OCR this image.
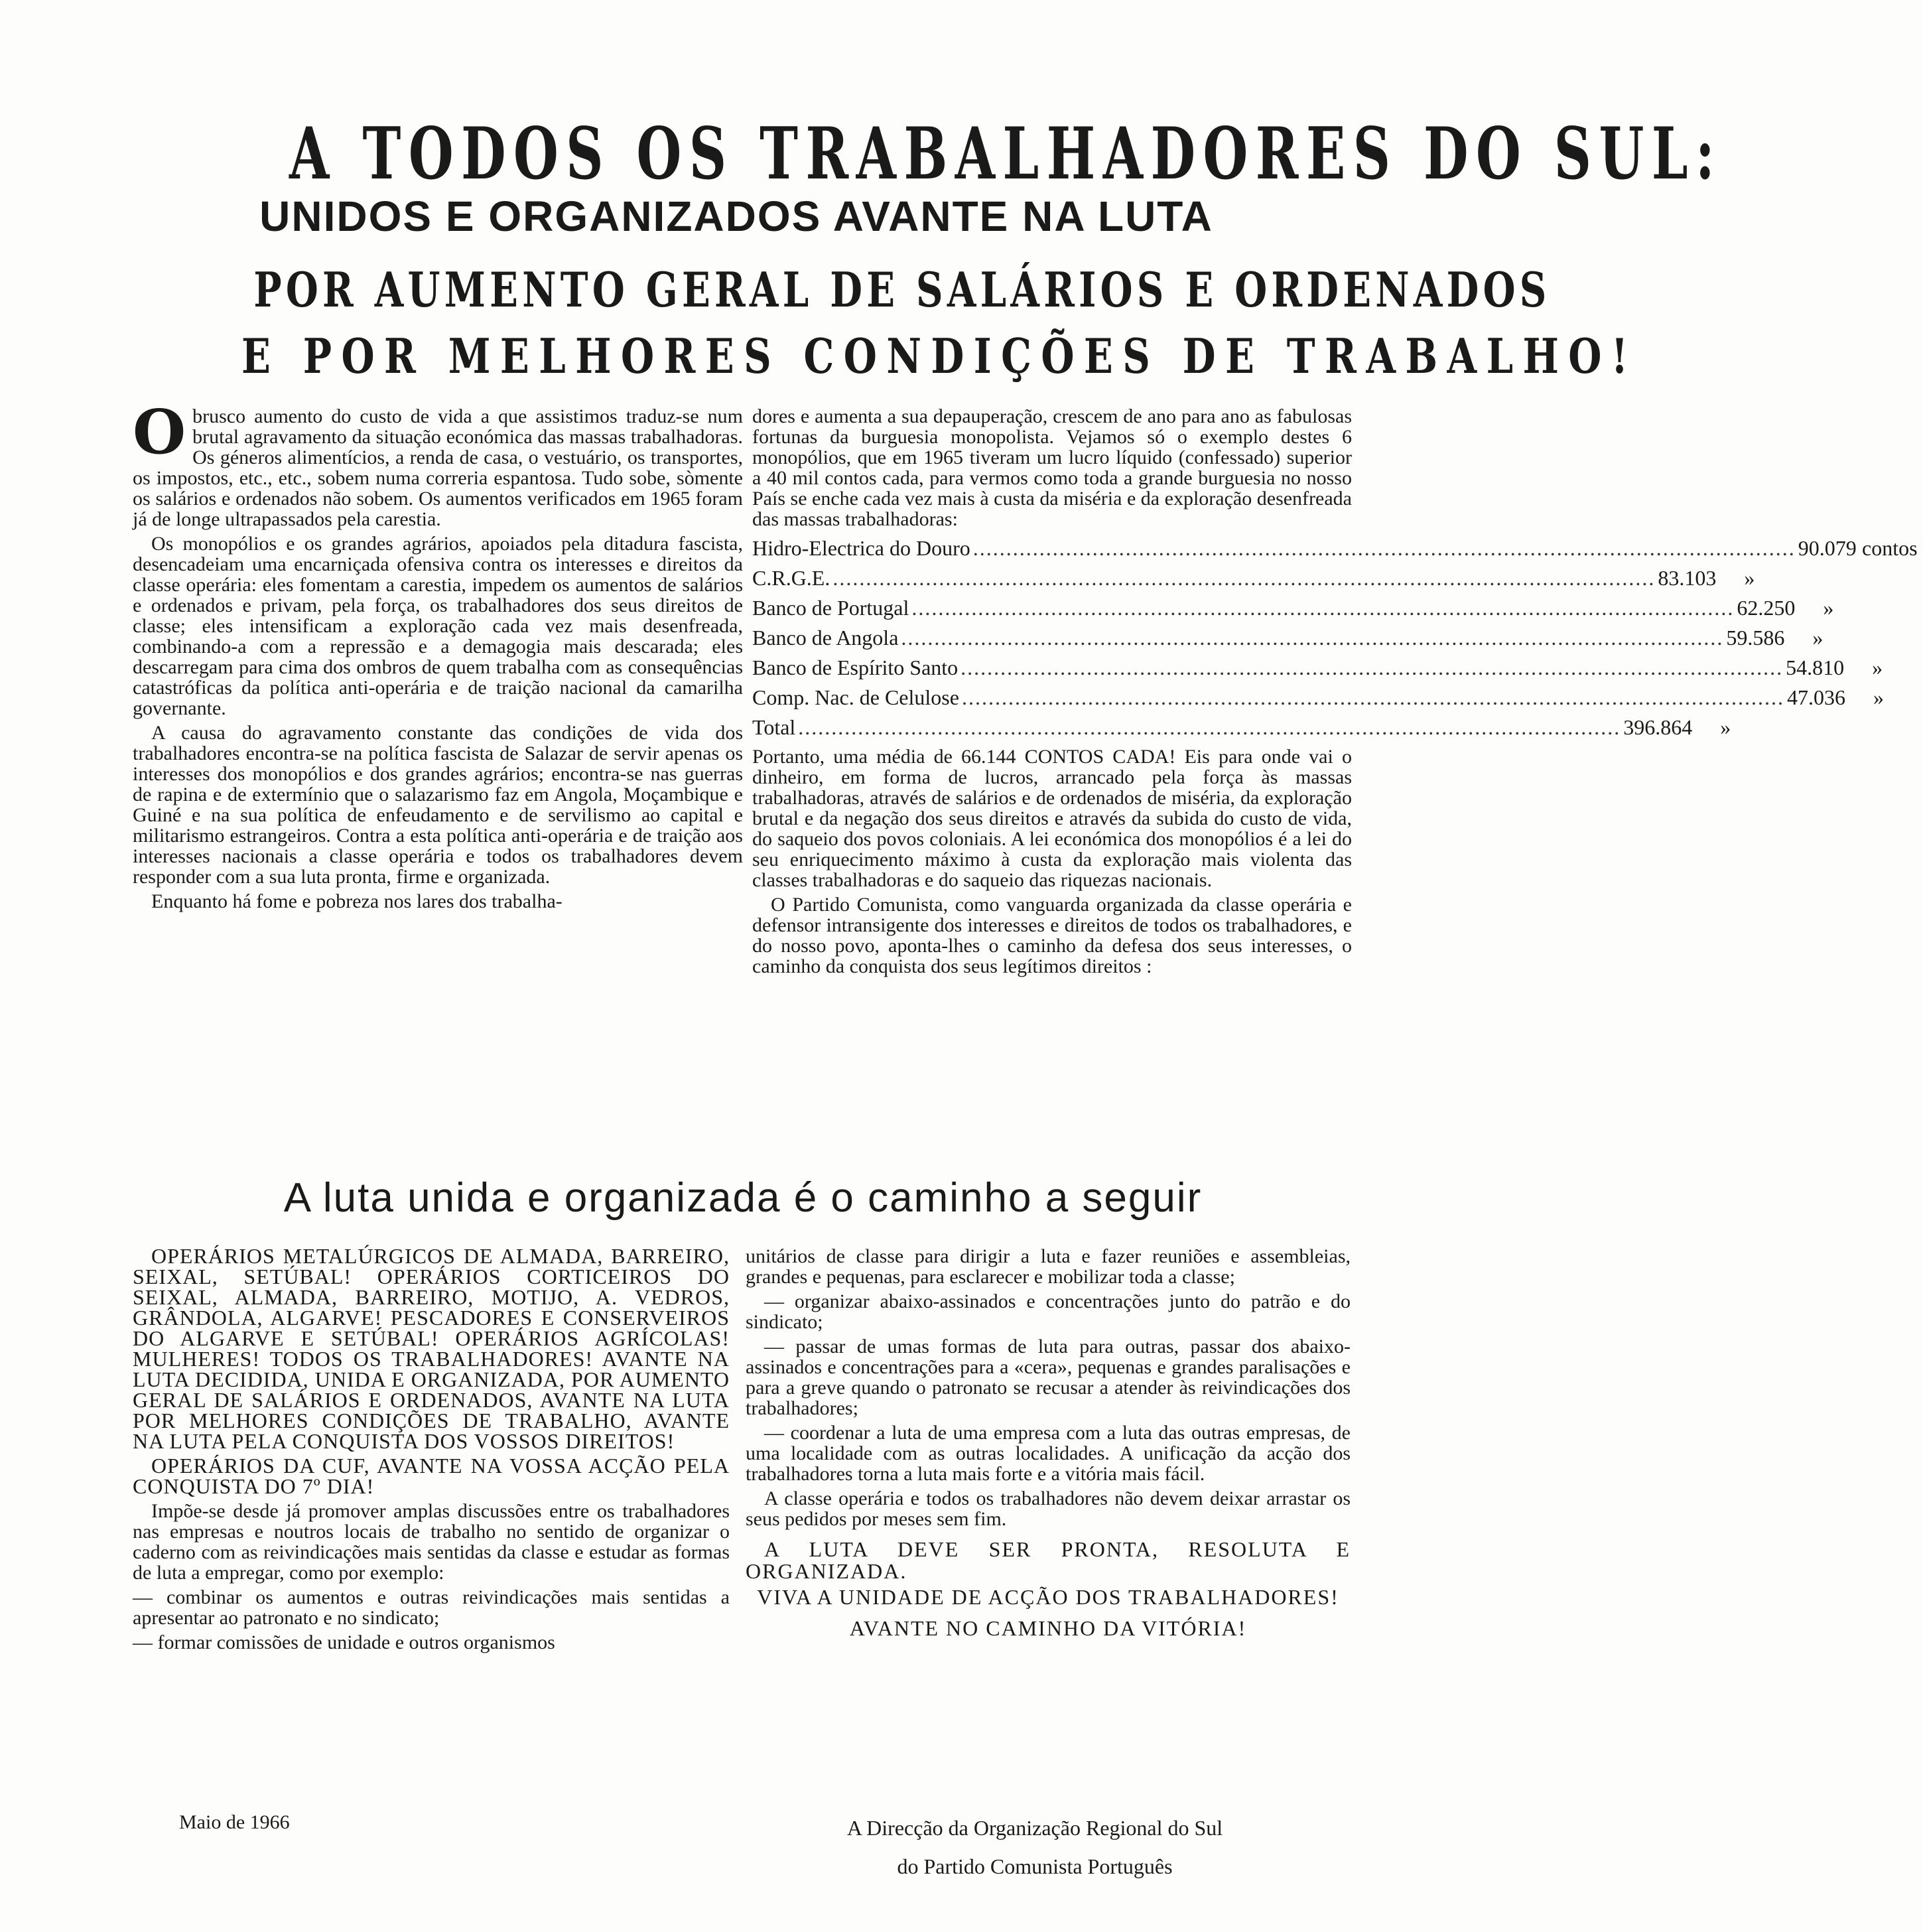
A TODOS OS TRABALHADORES DO SUL:
UNIDOS E ORGANIZADOS AVANTE NA LUTA
POR AUMENTO GERAL DE SALÁRIOS E ORDENADOS
E POR MELHORES CONDIÇÕES DE TRABALHO!

Obrusco aumento do custo de vida a que assistimos traduz-se num brutal agravamento da situação económica das massas trabalhadoras. Os géneros alimentícios, a renda de casa, o vestuário, os transportes, os impostos, etc., etc., sobem numa correria espantosa. Tudo sobe, sòmente os salários e ordenados não sobem. Os aumentos verificados em 1965 foram já de longe ultrapassados pela carestia.

Os monopólios e os grandes agrários, apoiados pela ditadura fascista, desencadeiam uma encarniçada ofensiva contra os interesses e direitos da classe operária: eles fomentam a carestia, impedem os aumentos de salários e ordenados e privam, pela força, os trabalhadores dos seus direitos de classe; eles intensificam a exploração cada vez mais desenfreada, combinando-a com a repressão e a demagogia mais descarada; eles descarregam para cima dos ombros de quem trabalha com as consequências catastróficas da política anti-operária e de traição nacional da camarilha governante.

A causa do agravamento constante das condições de vida dos trabalhadores encontra-se na política fascista de Salazar de servir apenas os interesses dos monopólios e dos grandes agrários; encontra-se nas guerras de rapina e de extermínio que o salazarismo faz em Angola, Moçambique e Guiné e na sua política de enfeudamento e de servilismo ao capital e militarismo estrangeiros. Contra a esta política anti-operária e de traição aos interesses nacionais a classe operária e todos os trabalhadores devem responder com a sua luta pronta, firme e organizada.

Enquanto há fome e pobreza nos lares dos trabalha-

dores e aumenta a sua depauperação, crescem de ano para ano as fabulosas fortunas da burguesia monopolista. Vejamos só o exemplo destes 6 monopólios, que em 1965 tiveram um lucro líquido (confessado) superior a 40 mil contos cada, para vermos como toda a grande burguesia no nosso País se enche cada vez mais à custa da miséria e da exploração desenfreada das massas trabalhadoras:

Hidro-Electrica do Douro .....	90.079 contos
C.R.G.E. .....	83.103	»
Banco de Portugal .....	62.250	»
Banco de Angola .....	59.586	»
Banco de Espírito Santo .....	54.810	»
Comp. Nac. de Celulose .....	47.036	»
Total .....	396.864	»

Portanto, uma média de 66.144 CONTOS CADA! Eis para onde vai o dinheiro, em forma de lucros, arrancado pela força às massas trabalhadoras, através de salários e de ordenados de miséria, da exploração brutal e da negação dos seus direitos e através da subida do custo de vida, do saqueio dos povos coloniais. A lei económica dos monopólios é a lei do seu enriquecimento máximo à custa da exploração mais violenta das classes trabalhadoras e do saqueio das riquezas nacionais.

O Partido Comunista, como vanguarda organizada da classe operária e defensor intransigente dos interesses e direitos de todos os trabalhadores, e do nosso povo, aponta-lhes o caminho da defesa dos seus interesses, o caminho da conquista dos seus legítimos direitos :

A luta unida e organizada é o caminho a seguir

OPERÁRIOS METALÚRGICOS DE ALMADA, BARREIRO, SEIXAL, SETÚBAL! OPERÁRIOS CORTICEIROS DO SEIXAL, ALMADA, BARREIRO, MOTIJO, A. VEDROS, GRÂNDOLA, ALGARVE! PESCADORES E CONSERVEIROS DO ALGARVE E SETÚBAL! OPERÁRIOS AGRÍCOLAS! MULHERES! TODOS OS TRABALHADORES! AVANTE NA LUTA DECIDIDA, UNIDA E ORGANIZADA, POR AUMENTO GERAL DE SALÁRIOS E ORDENADOS, AVANTE NA LUTA POR MELHORES CONDIÇÕES DE TRABALHO, AVANTE NA LUTA PELA CONQUISTA DOS VOSSOS DIREITOS!

OPERÁRIOS DA CUF, AVANTE NA VOSSA ACÇÃO PELA CONQUISTA DO 7º DIA!

Impõe-se desde já promover amplas discussões entre os trabalhadores nas empresas e noutros locais de trabalho no sentido de organizar o caderno com as reivindicações mais sentidas da classe e estudar as formas de luta a empregar, como por exemplo:

— combinar os aumentos e outras reivindicações mais sentidas a apresentar ao patronato e no sindicato;

— formar comissões de unidade e outros organismos

unitários de classe para dirigir a luta e fazer reuniões e assembleias, grandes e pequenas, para esclarecer e mobilizar toda a classe;

— organizar abaixo-assinados e concentrações junto do patrão e do sindicato;

— passar de umas formas de luta para outras, passar dos abaixo-assinados e concentrações para a «cera», pequenas e grandes paralisações e para a greve quando o patronato se recusar a atender às reivindicações dos trabalhadores;

— coordenar a luta de uma empresa com a luta das outras empresas, de uma localidade com as outras localidades. A unificação da acção dos trabalhadores torna a luta mais forte e a vitória mais fácil.

A classe operária e todos os trabalhadores não devem deixar arrastar os seus pedidos por meses sem fim.

A LUTA DEVE SER PRONTA, RESOLUTA E ORGANIZADA.

VIVA A UNIDADE DE ACÇÃO DOS TRABALHADORES!

AVANTE NO CAMINHO DA VITÓRIA!

Maio de 1966	A Direcção da Organização Regional do Sul
do Partido Comunista Português
